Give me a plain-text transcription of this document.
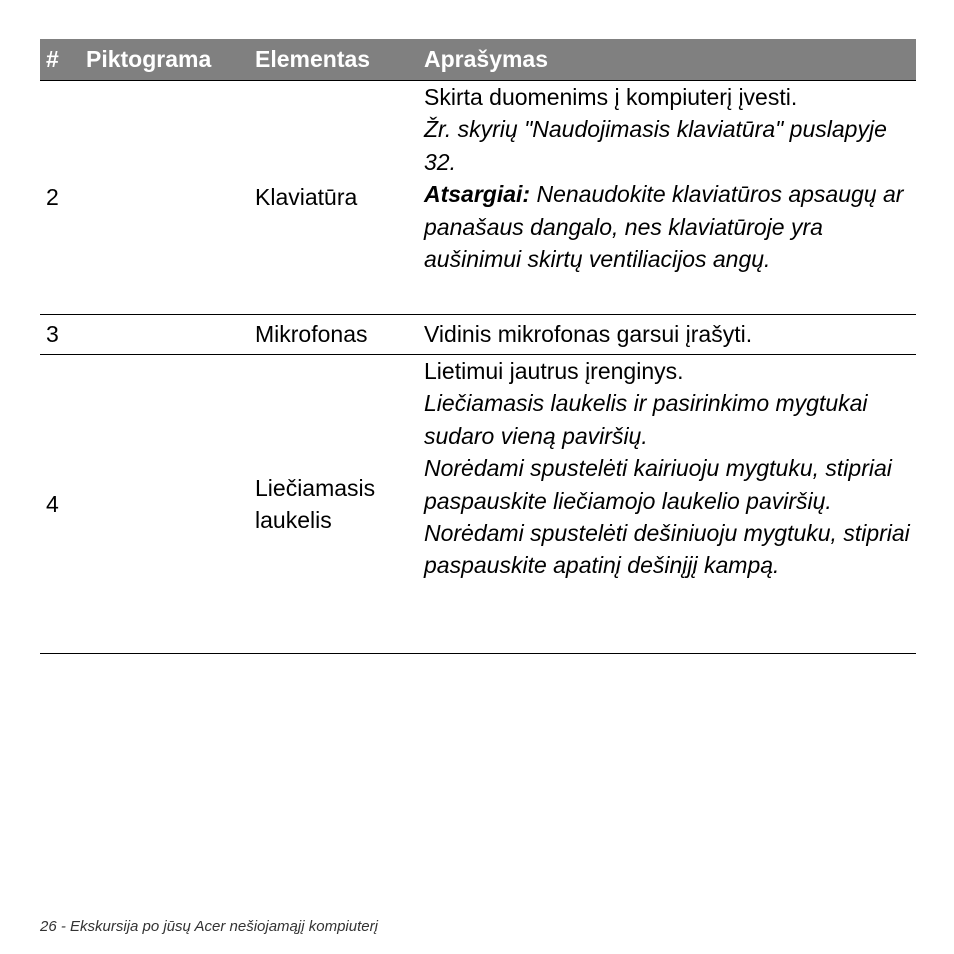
#	Piktograma	Elementas	Aprašymas
2		Klaviatūra	Skirta duomenims į kompiuterį įvesti.
Žr. skyrių "Naudojimasis klaviatūra" puslapyje 32.
Atsargiai: Nenaudokite klaviatūros apsaugų ar panašaus dangalo, nes klaviatūroje yra aušinimui skirtų ventiliacijos angų.

3		Mikrofonas	Vidinis mikrofonas garsui įrašyti.

4		Liečiamasis laukelis	Lietimui jautrus įrenginys.
Liečiamasis laukelis ir pasirinkimo mygtukai sudaro vieną paviršių.
Norėdami spustelėti kairiuoju mygtuku, stipriai paspauskite liečiamojo laukelio paviršių.
Norėdami spustelėti dešiniuoju mygtuku, stipriai paspauskite apatinį dešinįjį kampą.
26 - Ekskursija po jūsų Acer nešiojamąjį kompiuterį
